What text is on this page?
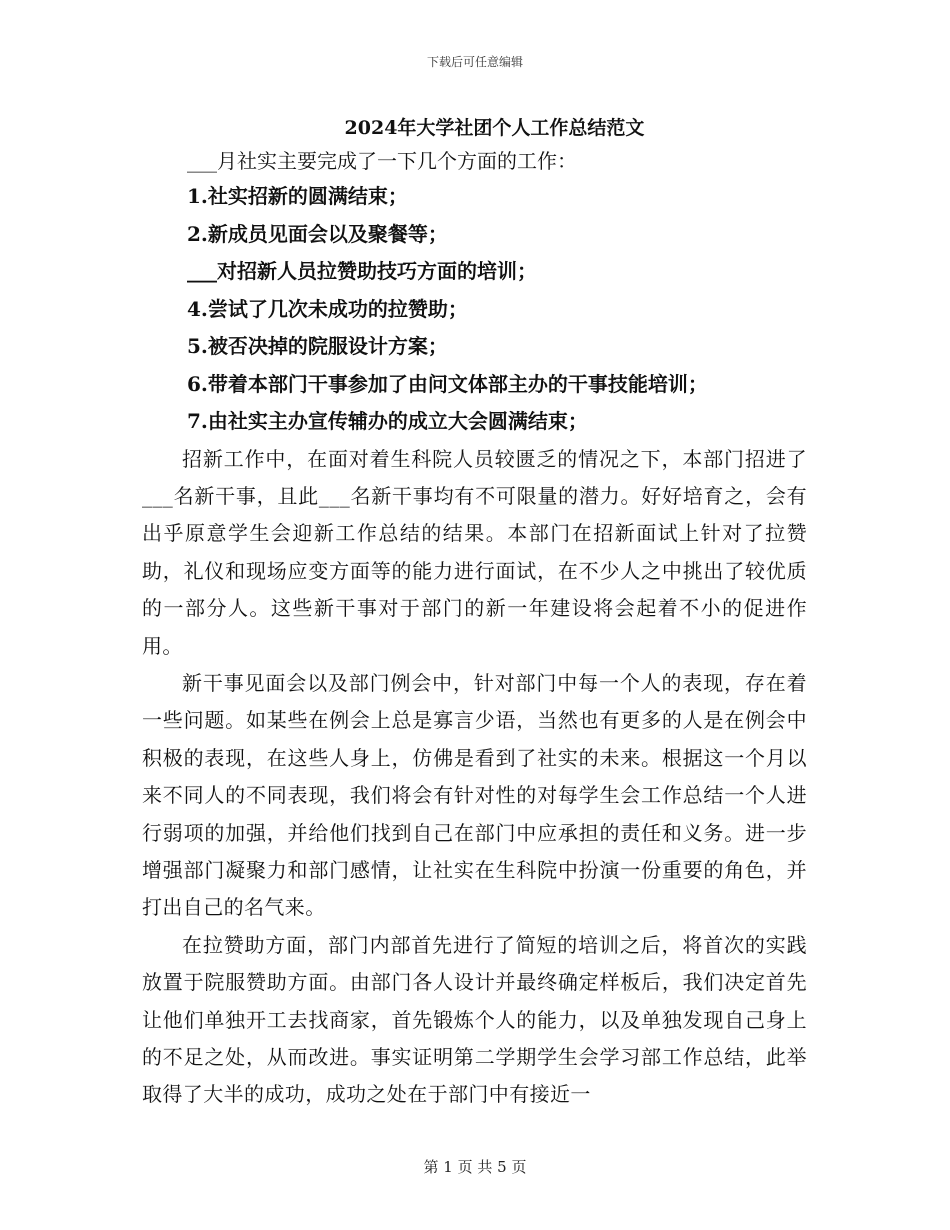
下载后可任意编辑
2024年大学社团个人工作总结范文

___月社实主要完成了一下几个方面的工作：

1.社实招新的圆满结束；
2.新成员见面会以及聚餐等；
___对招新人员拉赞助技巧方面的培训；
4.尝试了几次未成功的拉赞助；
5.被否决掉的院服设计方案；
6.带着本部门干事参加了由问文体部主办的干事技能培训；
7.由社实主办宣传辅办的成立大会圆满结束；

招新工作中，在面对着生科院人员较匮乏的情况之下，本部门招进了___名新干事，且此___名新干事均有不可限量的潜力。好好培育之，会有出乎原意学生会迎新工作总结的结果。本部门在招新面试上针对了拉赞助，礼仪和现场应变方面等的能力进行面试，在不少人之中挑出了较优质的一部分人。这些新干事对于部门的新一年建设将会起着不小的促进作用。

新干事见面会以及部门例会中，针对部门中每一个人的表现，存在着一些问题。如某些在例会上总是寡言少语，当然也有更多的人是在例会中积极的表现，在这些人身上，仿佛是看到了社实的未来。根据这一个月以来不同人的不同表现，我们将会有针对性的对每学生会工作总结一个人进行弱项的加强，并给他们找到自己在部门中应承担的责任和义务。进一步增强部门凝聚力和部门感情，让社实在生科院中扮演一份重要的角色，并打出自己的名气来。

在拉赞助方面，部门内部首先进行了简短的培训之后，将首次的实践放置于院服赞助方面。由部门各人设计并最终确定样板后，我们决定首先让他们单独开工去找商家，首先锻炼个人的能力，以及单独发现自己身上的不足之处，从而改进。事实证明第二学期学生会学习部工作总结，此举取得了大半的成功，成功之处在于部门中有接近一

第 1 页 共 5 页
